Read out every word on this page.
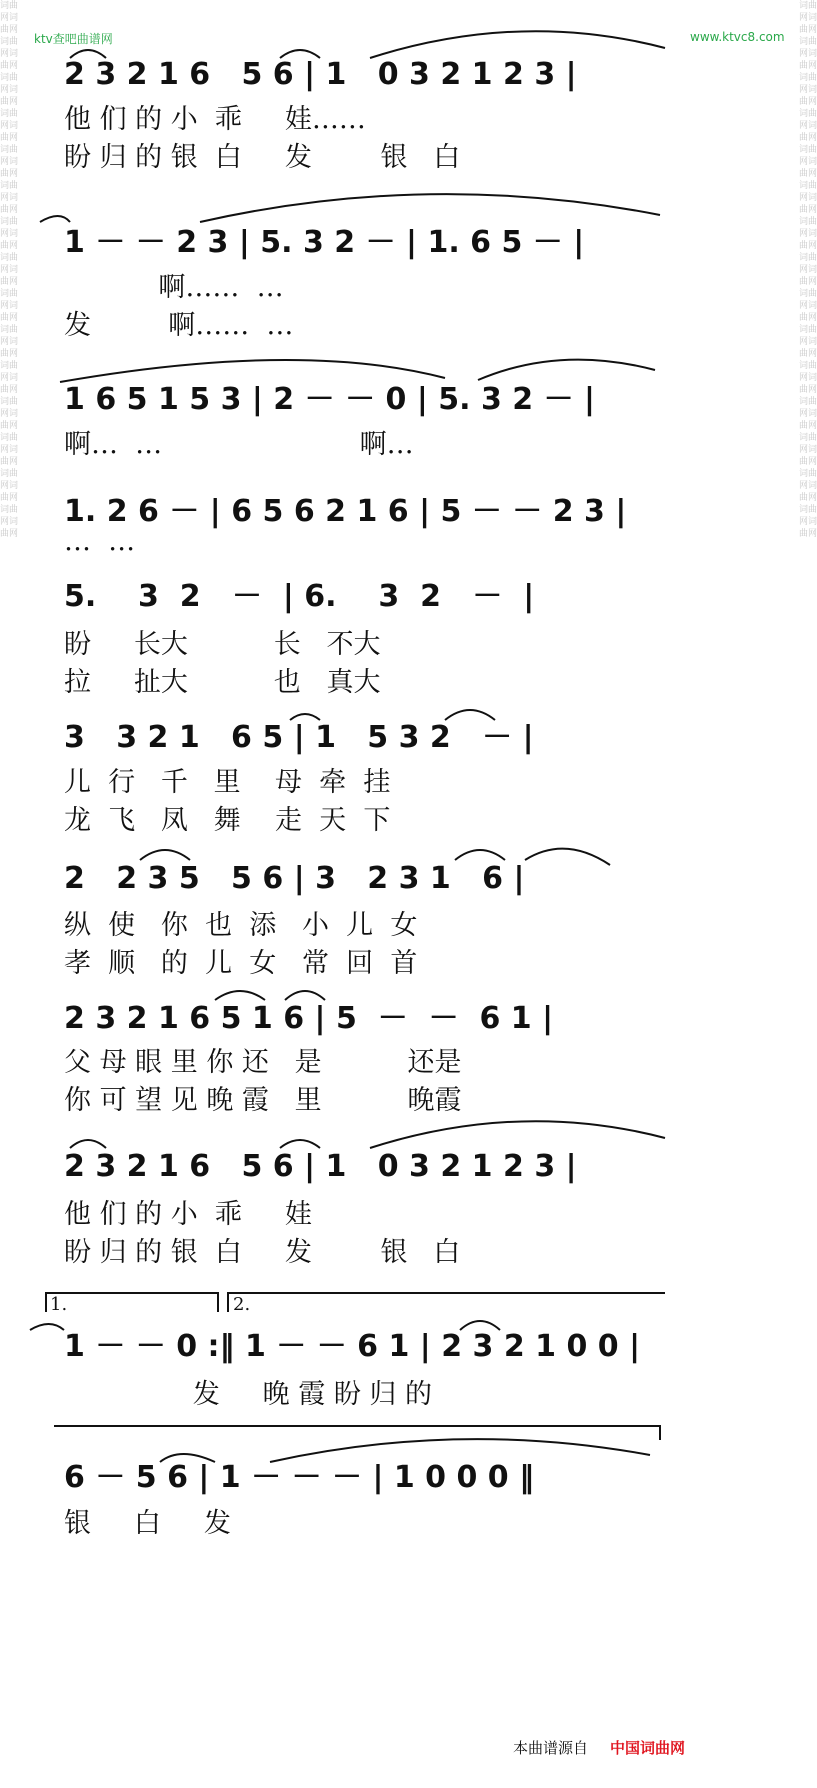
词曲网词曲网词曲网词曲网词曲网词曲网词曲网词曲网词曲网词曲网词曲网词曲网词曲网词曲网词曲网词曲网词曲网词曲网词曲网词曲网词曲网词曲网词曲网词曲网词曲网词曲网词曲网词曲网词曲网词曲网
词曲网词曲网词曲网词曲网词曲网词曲网词曲网词曲网词曲网词曲网词曲网词曲网词曲网词曲网词曲网词曲网词曲网词曲网词曲网词曲网词曲网词曲网词曲网词曲网词曲网词曲网词曲网词曲网词曲网词曲网
ktv查吧曲谱网	www.ktvc8.com
2 3 2 1 6   5 6 | 1   0 3 2 1 2 3 |
他 们 的 小  乖     娃……
盼 归 的 银  白     发        银   白
1 － － 2 3 | 5. 3 2 － | 1. 6 5 － |
啊……  …
发         啊……  …
1 6 5 1 5 3 | 2 － － 0 | 5. 3 2 － |
啊…  …                       啊…
1. 2 6 － | 6 5 6 2 1 6 | 5 － － 2 3 |
…  …
5.    3  2   －  | 6.    3  2   －  |
盼     长大          长   不大
拉     扯大          也   真大
3   3 2 1   6 5 | 1   5 3 2   － |
儿  行   千   里    母  牵  挂
龙  飞   凤   舞    走  天  下
2   2 3 5   5 6 | 3   2 3 1   6 |
纵  使   你  也  添   小  儿  女
孝  顺   的  儿  女   常  回  首
2 3 2 1 6 5 1 6 | 5  －  －  6 1 |
父 母 眼 里 你 还   是          还是
你 可 望 见 晚 霞   里          晚霞
2 3 2 1 6   5 6 | 1   0 3 2 1 2 3 |
他 们 的 小  乖     娃
盼 归 的 银  白     发        银   白
1.	2.
1 － － 0 :‖ 1 － － 6 1 | 2 3 2 1 0 0 |
发     晚 霞 盼 归 的
6 － 5 6 | 1 － － － | 1 0 0 0 ‖
银     白     发
本曲谱源自 中国词曲网
